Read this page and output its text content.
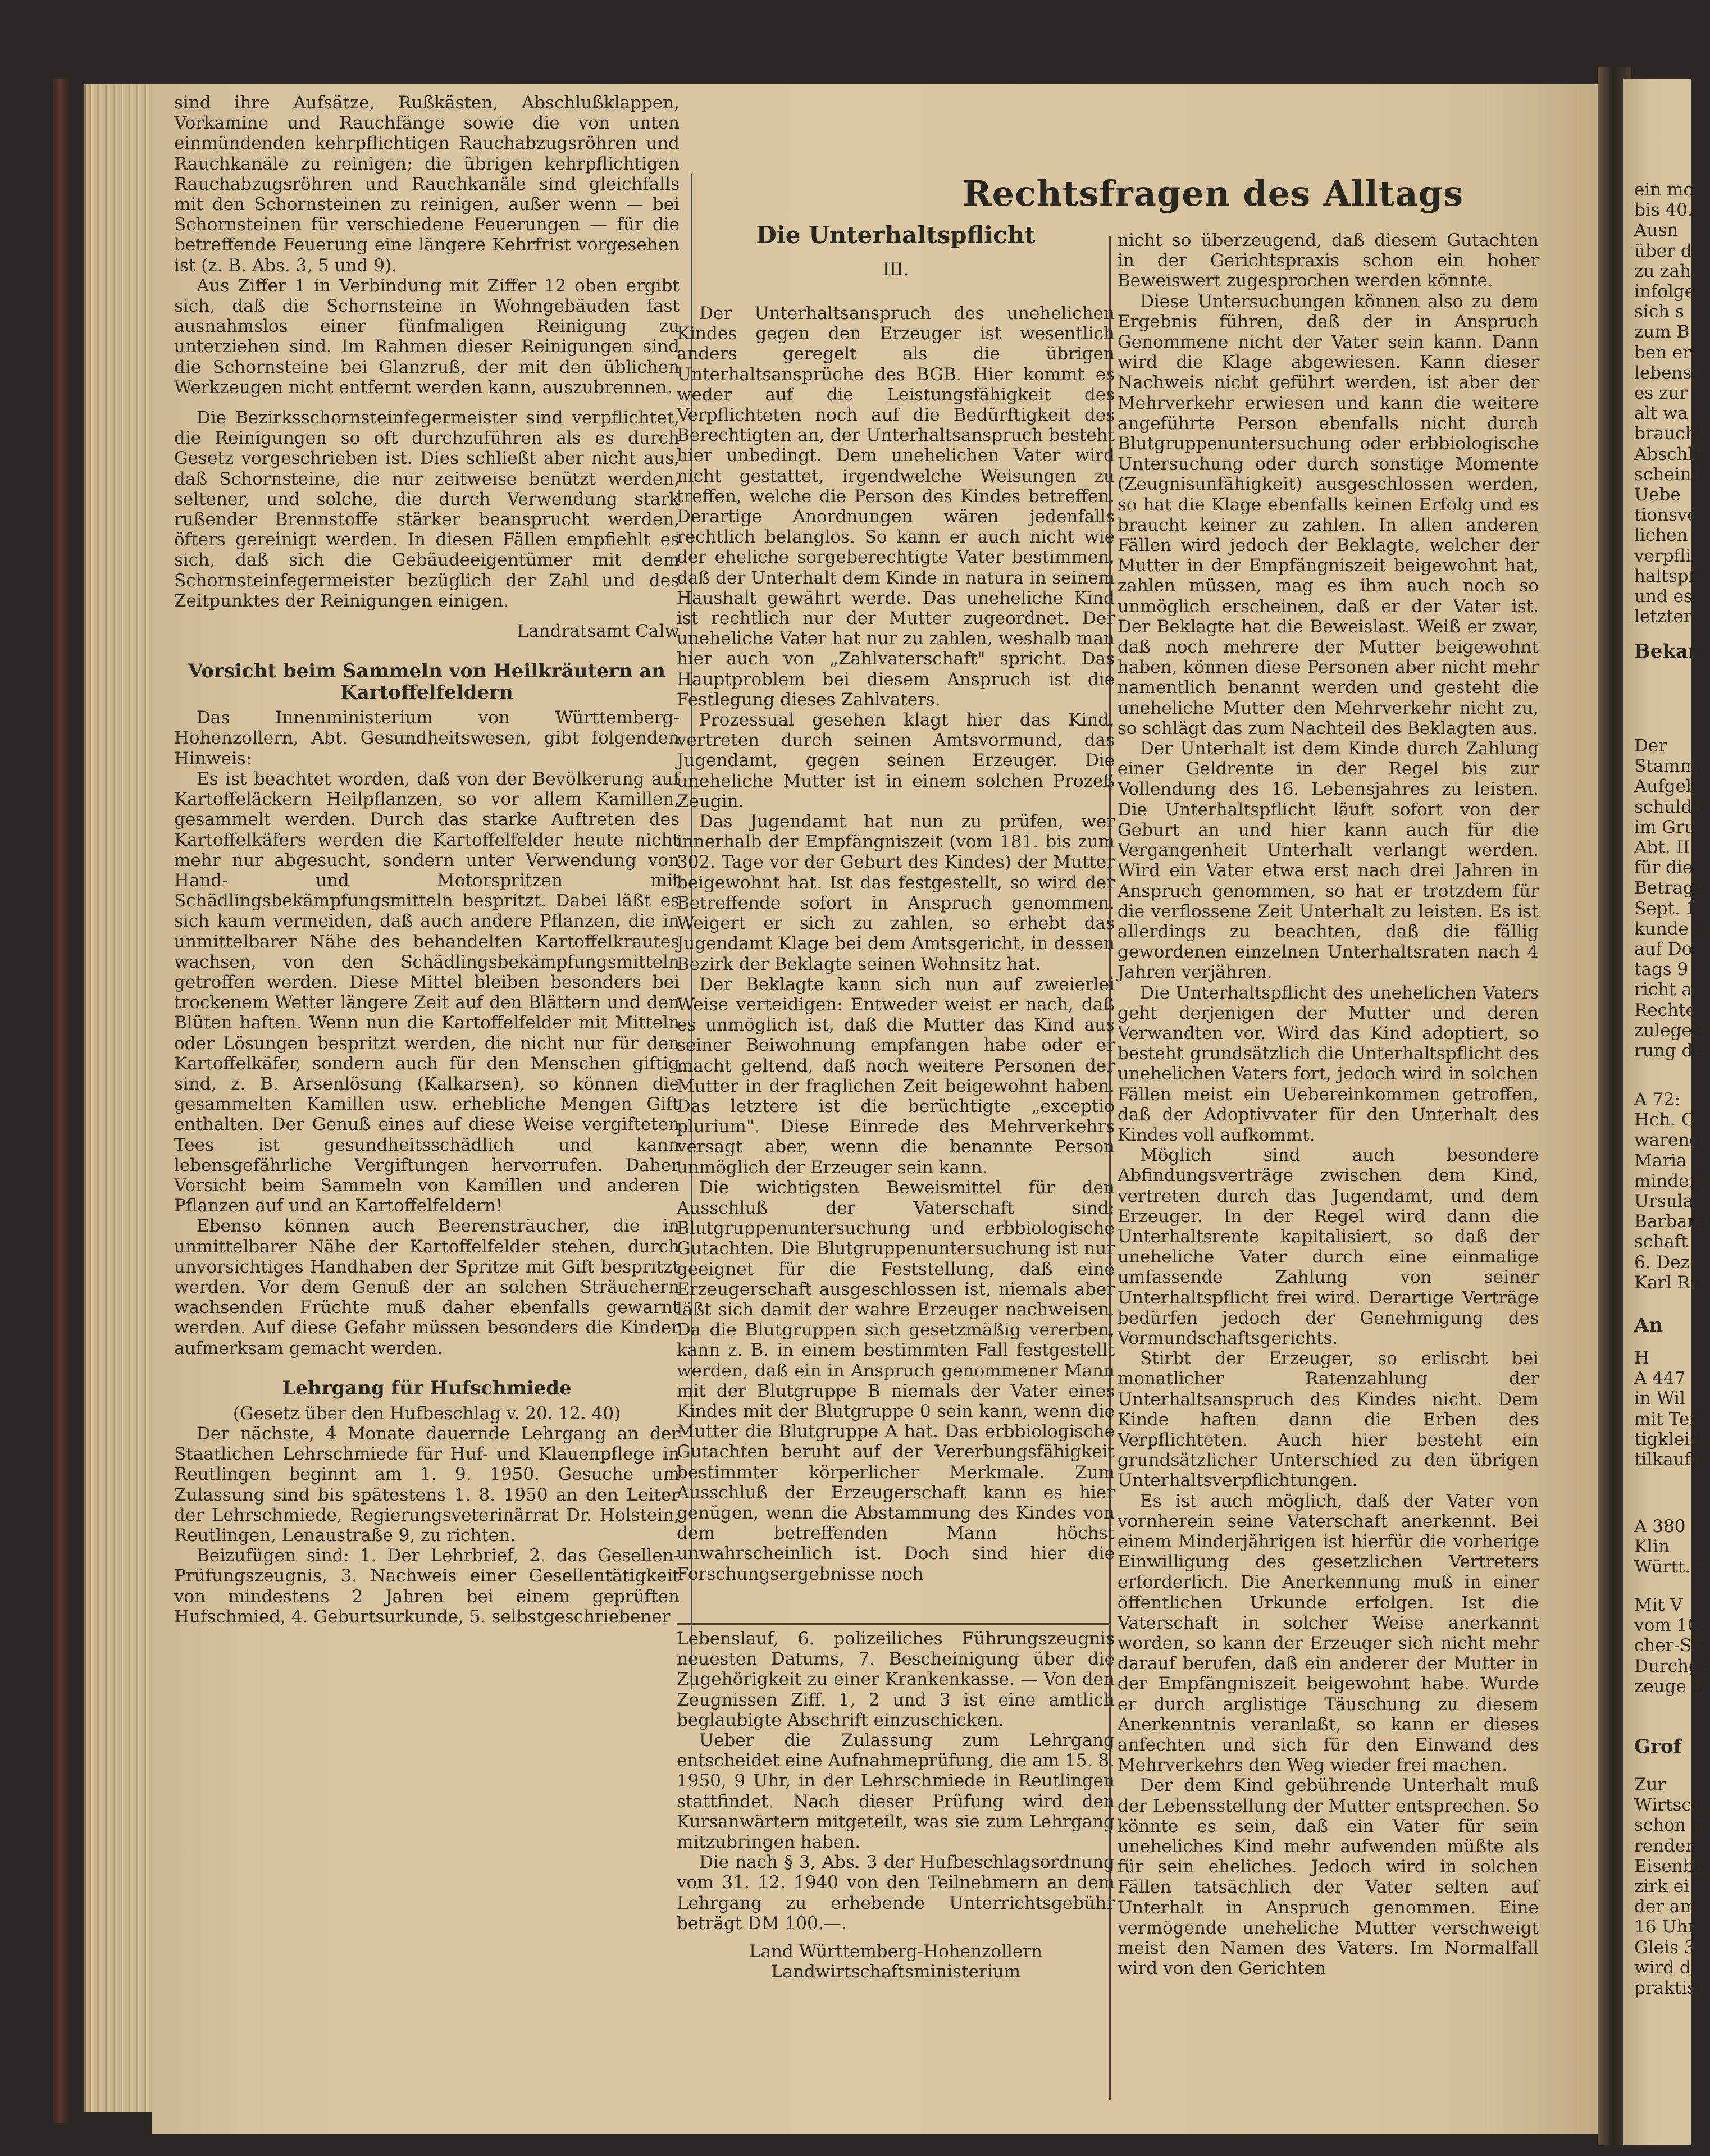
Rechtsfragen des Alltags
Die Unterhaltspflicht
III.

sind ihre Aufsätze, Rußkästen, Abschlußklappen, Vorkamine und Rauchfänge sowie die von unten einmündenden kehrpflichtigen Rauchabzugsröhren und Rauchkanäle zu reinigen; die übrigen kehrpflichtigen Rauchabzugsröhren und Rauchkanäle sind gleichfalls mit den Schornsteinen zu reinigen, außer wenn — bei Schornsteinen für verschiedene Feuerungen — für die betreffende Feuerung eine längere Kehrfrist vorgesehen ist (z. B. Abs. 3, 5 und 9).

Aus Ziffer 1 in Verbindung mit Ziffer 12 oben ergibt sich, daß die Schornsteine in Wohngebäuden fast ausnahmslos einer fünfmaligen Reinigung zu unterziehen sind. Im Rahmen dieser Reinigungen sind die Schornsteine bei Glanzruß, der mit den üblichen Werkzeugen nicht entfernt werden kann, auszubrennen.

Die Bezirksschornsteinfegermeister sind verpflichtet, die Reinigungen so oft durchzuführen als es durch Gesetz vorgeschrieben ist. Dies schließt aber nicht aus, daß Schornsteine, die nur zeitweise benützt werden, seltener, und solche, die durch Verwendung stark rußender Brennstoffe stärker beansprucht werden, öfters gereinigt werden. In diesen Fällen empfiehlt es sich, daß sich die Gebäudeeigentümer mit dem Schornsteinfegermeister bezüglich der Zahl und des Zeitpunktes der Reinigungen einigen.

Landratsamt Calw

Vorsicht beim Sammeln von Heilkräutern an Kartoffelfeldern

Das Innenministerium von Württemberg-Hohenzollern, Abt. Gesundheitswesen, gibt folgenden Hinweis:

Es ist beachtet worden, daß von der Bevölkerung auf Kartoffeläckern Heilpflanzen, so vor allem Kamillen, gesammelt werden. Durch das starke Auftreten des Kartoffelkäfers werden die Kartoffelfelder heute nicht mehr nur abgesucht, sondern unter Verwendung von Hand- und Motorspritzen mit Schädlingsbekämpfungsmitteln bespritzt. Dabei läßt es sich kaum vermeiden, daß auch andere Pflanzen, die in unmittelbarer Nähe des behandelten Kartoffelkrautes wachsen, von den Schädlingsbekämpfungsmitteln getroffen werden. Diese Mittel bleiben besonders bei trockenem Wetter längere Zeit auf den Blättern und den Blüten haften. Wenn nun die Kartoffelfelder mit Mitteln oder Lösungen bespritzt werden, die nicht nur für den Kartoffelkäfer, sondern auch für den Menschen giftig sind, z. B. Arsenlösung (Kalkarsen), so können die gesammelten Kamillen usw. erhebliche Mengen Gift enthalten. Der Genuß eines auf diese Weise vergifteten Tees ist gesundheitsschädlich und kann lebensgefährliche Vergiftungen hervorrufen. Daher Vorsicht beim Sammeln von Kamillen und anderen Pflanzen auf und an Kartoffelfeldern!

Ebenso können auch Beerensträucher, die in unmittelbarer Nähe der Kartoffelfelder stehen, durch unvorsichtiges Handhaben der Spritze mit Gift bespritzt werden. Vor dem Genuß der an solchen Sträuchern wachsenden Früchte muß daher ebenfalls gewarnt werden. Auf diese Gefahr müssen besonders die Kinder aufmerksam gemacht werden.

Lehrgang für Hufschmiede

(Gesetz über den Hufbeschlag v. 20. 12. 40)

Der nächste, 4 Monate dauernde Lehrgang an der Staatlichen Lehrschmiede für Huf- und Klauenpflege in Reutlingen beginnt am 1. 9. 1950. Gesuche um Zulassung sind bis spätestens 1. 8. 1950 an den Leiter der Lehrschmiede, Regierungsveterinärrat Dr. Holstein, Reutlingen, Lenaustraße 9, zu richten.

Beizufügen sind: 1. Der Lehrbrief, 2. das Gesellen-Prüfungszeugnis, 3. Nachweis einer Gesellentätigkeit von mindestens 2 Jahren bei einem geprüften Hufschmied, 4. Geburtsurkunde, 5. selbstgeschriebener

Der Unterhaltsanspruch des unehelichen Kindes gegen den Erzeuger ist wesentlich anders geregelt als die übrigen Unterhaltsansprüche des BGB. Hier kommt es weder auf die Leistungsfähigkeit des Verpflichteten noch auf die Bedürftigkeit des Berechtigten an, der Unterhaltsanspruch besteht hier unbedingt. Dem unehelichen Vater wird nicht gestattet, irgendwelche Weisungen zu treffen, welche die Person des Kindes betreffen. Derartige Anordnungen wären jedenfalls rechtlich belanglos. So kann er auch nicht wie der eheliche sorgeberechtigte Vater bestimmen, daß der Unterhalt dem Kinde in natura in seinem Haushalt gewährt werde. Das uneheliche Kind ist rechtlich nur der Mutter zugeordnet. Der uneheliche Vater hat nur zu zahlen, weshalb man hier auch von „Zahlvaterschaft" spricht. Das Hauptproblem bei diesem Anspruch ist die Festlegung dieses Zahlvaters.

Prozessual gesehen klagt hier das Kind, vertreten durch seinen Amtsvormund, das Jugendamt, gegen seinen Erzeuger. Die uneheliche Mutter ist in einem solchen Prozeß Zeugin.

Das Jugendamt hat nun zu prüfen, wer innerhalb der Empfängniszeit (vom 181. bis zum 302. Tage vor der Geburt des Kindes) der Mutter beigewohnt hat. Ist das festgestellt, so wird der Betreffende sofort in Anspruch genommen. Weigert er sich zu zahlen, so erhebt das Jugendamt Klage bei dem Amtsgericht, in dessen Bezirk der Beklagte seinen Wohnsitz hat.

Der Beklagte kann sich nun auf zweierlei Weise verteidigen: Entweder weist er nach, daß es unmöglich ist, daß die Mutter das Kind aus seiner Beiwohnung empfangen habe oder er macht geltend, daß noch weitere Personen der Mutter in der fraglichen Zeit beigewohnt haben. Das letztere ist die berüchtigte „exceptio plurium". Diese Einrede des Mehrverkehrs versagt aber, wenn die benannte Person unmöglich der Erzeuger sein kann.

Die wichtigsten Beweismittel für den Ausschluß der Vaterschaft sind: Blutgruppenuntersuchung und erbbiologische Gutachten. Die Blutgruppenuntersuchung ist nur geeignet für die Feststellung, daß eine Erzeugerschaft ausgeschlossen ist, niemals aber läßt sich damit der wahre Erzeuger nachweisen. Da die Blutgruppen sich gesetzmäßig vererben, kann z. B. in einem bestimmten Fall festgestellt werden, daß ein in Anspruch genommener Mann mit der Blutgruppe B niemals der Vater eines Kindes mit der Blutgruppe 0 sein kann, wenn die Mutter die Blutgruppe A hat. Das erbbiologische Gutachten beruht auf der Vererbungsfähigkeit bestimmter körperlicher Merkmale. Zum Ausschluß der Erzeugerschaft kann es hier genügen, wenn die Abstammung des Kindes von dem betreffenden Mann höchst unwahrscheinlich ist. Doch sind hier die Forschungsergebnisse noch

Lebenslauf, 6. polizeiliches Führungszeugnis neuesten Datums, 7. Bescheinigung über die Zugehörigkeit zu einer Krankenkasse. — Von den Zeugnissen Ziff. 1, 2 und 3 ist eine amtlich beglaubigte Abschrift einzuschicken.

Ueber die Zulassung zum Lehrgang entscheidet eine Aufnahmeprüfung, die am 15. 8. 1950, 9 Uhr, in der Lehrschmiede in Reutlingen stattfindet. Nach dieser Prüfung wird den Kursanwärtern mitgeteilt, was sie zum Lehrgang mitzubringen haben.

Die nach § 3, Abs. 3 der Hufbeschlagsordnung vom 31. 12. 1940 von den Teilnehmern an dem Lehrgang zu erhebende Unterrichtsgebühr beträgt DM 100.—.

Land Württemberg-Hohenzollern

Landwirtschaftsministerium

nicht so überzeugend, daß diesem Gutachten in der Gerichtspraxis schon ein hoher Beweiswert zugesprochen werden könnte.

Diese Untersuchungen können also zu dem Ergebnis führen, daß der in Anspruch Genommene nicht der Vater sein kann. Dann wird die Klage abgewiesen. Kann dieser Nachweis nicht geführt werden, ist aber der Mehrverkehr erwiesen und kann die weitere angeführte Person ebenfalls nicht durch Blutgruppenuntersuchung oder erbbiologische Untersuchung oder durch sonstige Momente (Zeugnisunfähigkeit) ausgeschlossen werden, so hat die Klage ebenfalls keinen Erfolg und es braucht keiner zu zahlen. In allen anderen Fällen wird jedoch der Beklagte, welcher der Mutter in der Empfängniszeit beigewohnt hat, zahlen müssen, mag es ihm auch noch so unmöglich erscheinen, daß er der Vater ist. Der Beklagte hat die Beweislast. Weiß er zwar, daß noch mehrere der Mutter beigewohnt haben, können diese Personen aber nicht mehr namentlich benannt werden und gesteht die uneheliche Mutter den Mehrverkehr nicht zu, so schlägt das zum Nachteil des Beklagten aus.

Der Unterhalt ist dem Kinde durch Zahlung einer Geldrente in der Regel bis zur Vollendung des 16. Lebensjahres zu leisten. Die Unterhaltspflicht läuft sofort von der Geburt an und hier kann auch für die Vergangenheit Unterhalt verlangt werden. Wird ein Vater etwa erst nach drei Jahren in Anspruch genommen, so hat er trotzdem für die verflossene Zeit Unterhalt zu leisten. Es ist allerdings zu beachten, daß die fällig gewordenen einzelnen Unterhaltsraten nach 4 Jahren verjähren.

Die Unterhaltspflicht des unehelichen Vaters geht derjenigen der Mutter und deren Verwandten vor. Wird das Kind adoptiert, so besteht grundsätzlich die Unterhaltspflicht des unehelichen Vaters fort, jedoch wird in solchen Fällen meist ein Uebereinkommen getroffen, daß der Adoptivvater für den Unterhalt des Kindes voll aufkommt.

Möglich sind auch besondere Abfindungsverträge zwischen dem Kind, vertreten durch das Jugendamt, und dem Erzeuger. In der Regel wird dann die Unterhaltsrente kapitalisiert, so daß der uneheliche Vater durch eine einmalige umfassende Zahlung von seiner Unterhaltspflicht frei wird. Derartige Verträge bedürfen jedoch der Genehmigung des Vormundschaftsgerichts.

Stirbt der Erzeuger, so erlischt bei monatlicher Ratenzahlung der Unterhaltsanspruch des Kindes nicht. Dem Kinde haften dann die Erben des Verpflichteten. Auch hier besteht ein grundsätzlicher Unterschied zu den übrigen Unterhaltsverpflichtungen.

Es ist auch möglich, daß der Vater von vornherein seine Vaterschaft anerkennt. Bei einem Minderjährigen ist hierfür die vorherige Einwilligung des gesetzlichen Vertreters erforderlich. Die Anerkennung muß in einer öffentlichen Urkunde erfolgen. Ist die Vaterschaft in solcher Weise anerkannt worden, so kann der Erzeuger sich nicht mehr darauf berufen, daß ein anderer der Mutter in der Empfängniszeit beigewohnt habe. Wurde er durch arglistige Täuschung zu diesem Anerkenntnis veranlaßt, so kann er dieses anfechten und sich für den Einwand des Mehrverkehrs den Weg wieder frei machen.

Der dem Kind gebührende Unterhalt muß der Lebensstellung der Mutter entsprechen. So könnte es sein, daß ein Vater für sein uneheliches Kind mehr aufwenden müßte als für sein eheliches. Jedoch wird in solchen Fällen tatsächlich der Vater selten auf Unterhalt in Anspruch genommen. Eine vermögende uneheliche Mutter verschweigt meist den Namen des Vaters. Im Normalfall wird von den Gerichten

ein mo
bis 40.-
Ausn
über d
zu zah
infolge
sich s
zum B
ben er
lebensl
es zur
alt wa
braucht
Abschlu
scheint
Uebe
tionsve
lichen
verpflic
haltspf
und es
letzter
Bekar
Der
Stamml
Aufgeb
schuldb
im Gru
Abt. II
für die
Betrage
Sept. 1
kunde v
auf Do
tags 9
richt a
Rechte
zulegen
rung de
A 72:
Hch. G
wareng
Maria
minderj
Ursula,
Barbara
schaft
6. Deze
Karl Re
An
H
A 447
in Wil
mit Tex
tigkleid
tilkaufn
A 380 -
Klin
Württ. 1
Mit V
vom 10.
cher-Str
Durchga
zeuge b
Grof
Zur
Wirtsch
schon n
renden
Eisenba
zirk ei
der am
16 Uhr
Gleis 3
wird di
praktisc
